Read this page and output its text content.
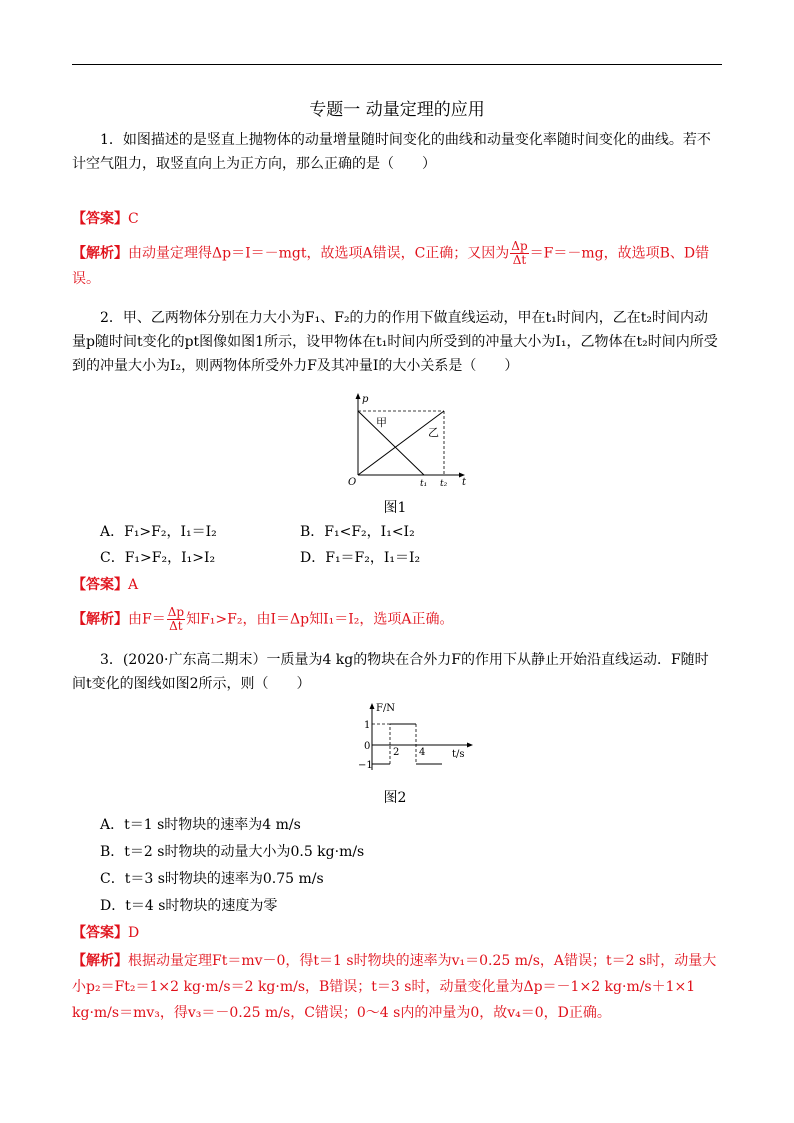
专题一 动量定理的应用
1．如图描述的是竖直上抛物体的动量增量随时间变化的曲线和动量变化率随时间变化的曲线。若不计空气阻力，取竖直向上为正方向，那么正确的是（　　）
【答案】C
【解析】由动量定理得Δp＝I＝－mgt，故选项A错误，C正确；又因为 $\frac{\Delta p}{\Delta t} =F=-mg$，故选项B、D错误。
2．甲、乙两物体分别在力大小为F₁、F₂的力的作用下做直线运动，甲在t₁时间内，乙在t₂时间内动量p随时间t变化的pt图像如图1所示，设甲物体在t₁时间内所受到的冲量大小为I₁，乙物体在t₂时间内所受到的冲量大小为I₂，则两物体所受外力F及其冲量I的大小关系是（　　）
p
t
O	t₁ t₂
甲
乙
图1
A．F₁>F₂，I₁＝I₂	B．F₁<F₂，I₁<I₂
C．F₁>F₂，I₁>I₂	D．F₁＝F₂，I₁＝I₂
【答案】A
【解析】由$F= \frac{\Delta p}{\Delta t}$ 知F₁>F₂，由I＝Δp知I₁＝I₂，选项A正确。
3．(2020·广东高二期末）一质量为4 kg的物块在合外力F的作用下从静止开始沿直线运动．F随时间t变化的图线如图2所示，则（　　）
F/N
t/s
1
0
−1
2 4
图2
A．t＝1 s时物块的速率为4 m/s
B．t＝2 s时物块的动量大小为0.5 kg·m/s
C．t＝3 s时物块的速率为0.75 m/s
D．t＝4 s时物块的速度为零
【答案】D
【解析】根据动量定理Ft＝mv－0，得t＝1 s时物块的速率为v₁＝0.25 m/s，A错误；t＝2 s时，动量大小p₂＝Ft₂＝1×2 kg·m/s＝2 kg·m/s，B错误；t＝3 s时，动量变化量为Δp＝－1×2 kg·m/s＋1×1 kg·m/s＝mv₃，得v₃＝－0.25 m/s，C错误；0～4 s内的冲量为0，故v₄＝0，D正确。
